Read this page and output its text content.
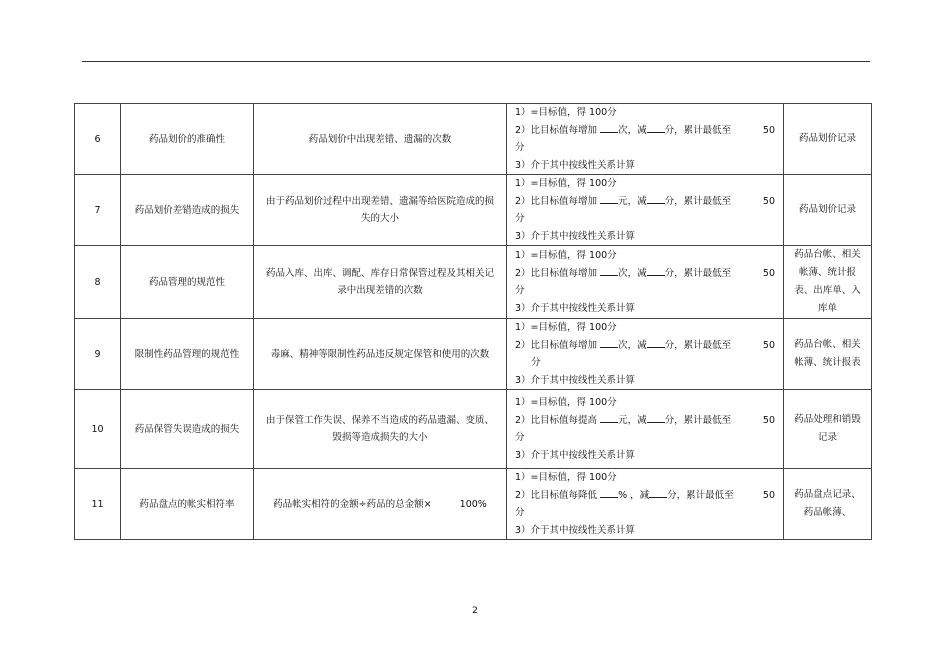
6	药品划价的准确性	药品划价中出现差错、遗漏的次数	1）=目标值，得 100分
2）比目标值每增加 次，减 分，累计最低至 50
分
3）介于其中按线性关系计算	药品划价记录
7	药品划价差错造成的损失	由于药品划价过程中出现差错、遗漏等给医院造成的损失的大小	1）=目标值，得 100分
2）比目标值每增加 元，减 分，累计最低至 50
分
3）介于其中按线性关系计算	药品划价记录
8	药品管理的规范性	药品入库、出库、调配、库存日常保管过程及其相关记录中出现差错的次数	1）=目标值，得 100分
2）比目标值每增加 次，减 分，累计最低至 50
分
3）介于其中按线性关系计算	药品台帐、相关帐薄、统计报表、出库单、入库单
9	限制性药品管理的规范性	毒麻、精神等限制性药品违反规定保管和使用的次数	1）=目标值，得 100分
2）比目标值每增加 次，减 分，累计最低至 50
分
3）介于其中按线性关系计算	药品台帐、相关帐薄、统计报表
10	药品保管失误造成的损失	由于保管工作失误、保养不当造成的药品遗漏、变质、毁损等造成损失的大小	1）=目标值，得 100分
2）比目标值每提高 元，减 分，累计最低至 50
分
3）介于其中按线性关系计算	药品处理和销毁记录
11	药品盘点的帐实相符率	药品帐实相符的金额÷药品的总金额× 100%	1）=目标值，得 100分
2）比目标值每降低 % ，减 分，累计最低至 50
分
3）介于其中按线性关系计算	药品盘点记录、药品帐薄、
2
